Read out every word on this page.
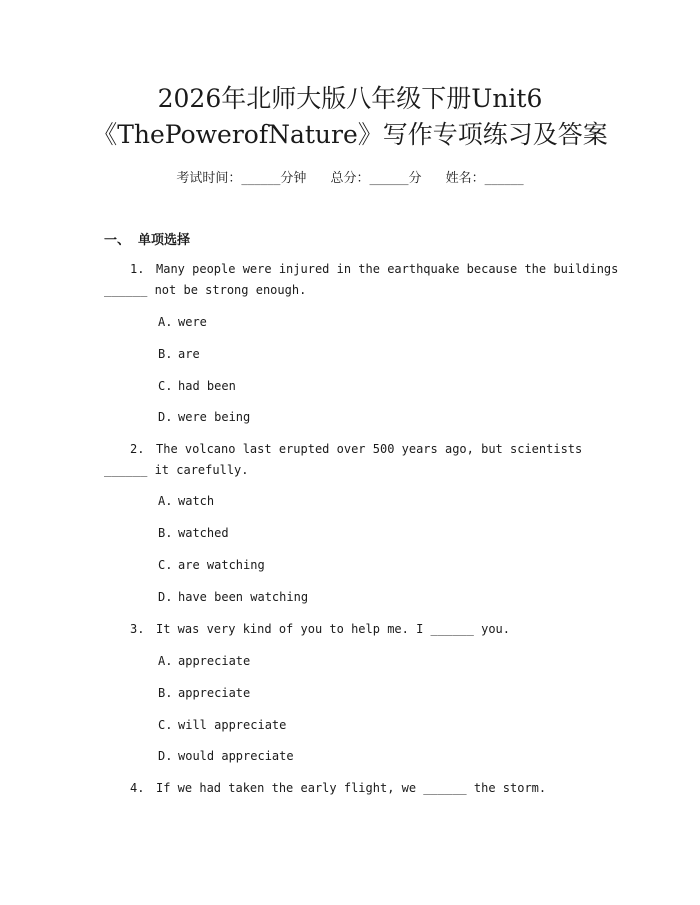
2026年北师大版八年级下册Unit6
《ThePowerofNature》写作专项练习及答案
考试时间：______分钟 总分：______分 姓名：______
一、 单项选择
1. Many people were injured in the earthquake because the buildings
______ not be strong enough.
A. were
B. are
C. had been
D. were being
2. The volcano last erupted over 500 years ago, but scientists
______ it carefully.
A. watch
B. watched
C. are watching
D. have been watching
3. It was very kind of you to help me. I ______ you.
A. appreciate
B. appreciate
C. will appreciate
D. would appreciate
4. If we had taken the early flight, we ______ the storm.
